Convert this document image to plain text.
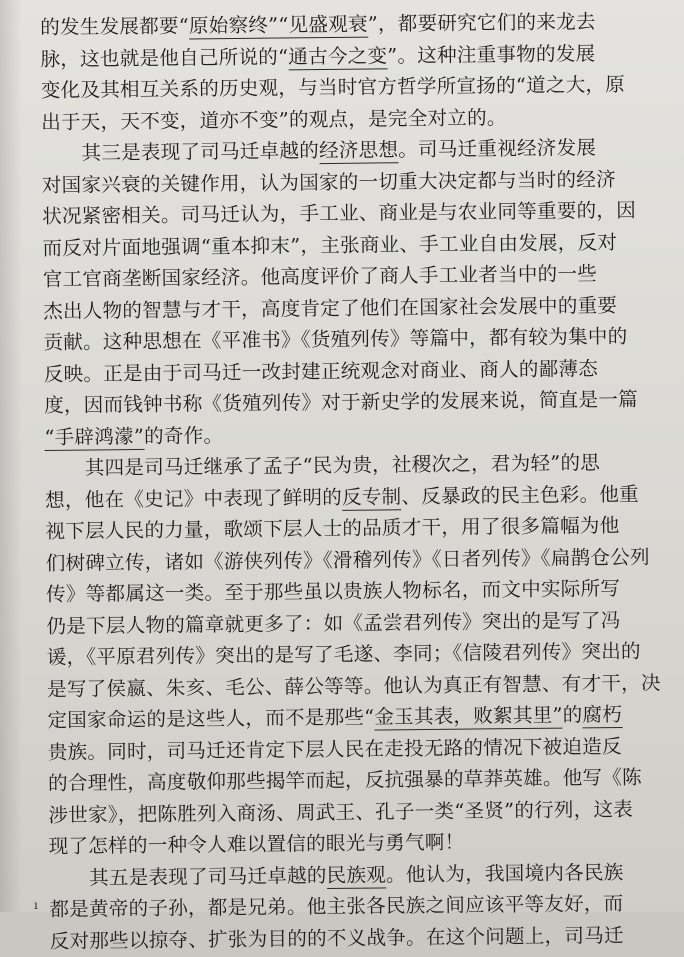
的发生发展都要“原始察终”“见盛观衰”，都要研究它们的来龙去
脉，这也就是他自己所说的“通古今之变”。这种注重事物的发展
变化及其相互关系的历史观，与当时官方哲学所宣扬的“道之大，原
出于天，天不变，道亦不变”的观点，是完全对立的。

其三是表现了司马迁卓越的经济思想。司马迁重视经济发展
对国家兴衰的关键作用，认为国家的一切重大决定都与当时的经济
状况紧密相关。司马迁认为，手工业、商业是与农业同等重要的，因
而反对片面地强调“重本抑末”，主张商业、手工业自由发展，反对
官工官商垄断国家经济。他高度评价了商人手工业者当中的一些
杰出人物的智慧与才干，高度肯定了他们在国家社会发展中的重要
贡献。这种思想在《平准书》《货殖列传》等篇中，都有较为集中的
反映。正是由于司马迁一改封建正统观念对商业、商人的鄙薄态
度，因而钱钟书称《货殖列传》对于新史学的发展来说，简直是一篇
“手辟鸿濛”的奇作。

其四是司马迁继承了孟子“民为贵，社稷次之，君为轻”的思
想，他在《史记》中表现了鲜明的反专制、反暴政的民主色彩。他重
视下层人民的力量，歌颂下层人士的品质才干，用了很多篇幅为他
们树碑立传，诸如《游侠列传》《滑稽列传》《日者列传》《扁鹊仓公列
传》等都属这一类。至于那些虽以贵族人物标名，而文中实际所写
仍是下层人物的篇章就更多了：如《孟尝君列传》突出的是写了冯
谖，《平原君列传》突出的是写了毛遂、李同；《信陵君列传》突出的
是写了侯嬴、朱亥、毛公、薛公等等。他认为真正有智慧、有才干，决
定国家命运的是这些人，而不是那些“金玉其表，败絮其里”的腐朽
贵族。同时，司马迁还肯定下层人民在走投无路的情况下被迫造反
的合理性，高度敬仰那些揭竿而起，反抗强暴的草莽英雄。他写《陈
涉世家》，把陈胜列入商汤、周武王、孔子一类“圣贤”的行列，这表
现了怎样的一种令人难以置信的眼光与勇气啊！

其五是表现了司马迁卓越的民族观。他认为，我国境内各民族
都是黄帝的子孙，都是兄弟。他主张各民族之间应该平等友好，而
反对那些以掠夺、扩张为目的的不义战争。在这个问题上，司马迁

ı
